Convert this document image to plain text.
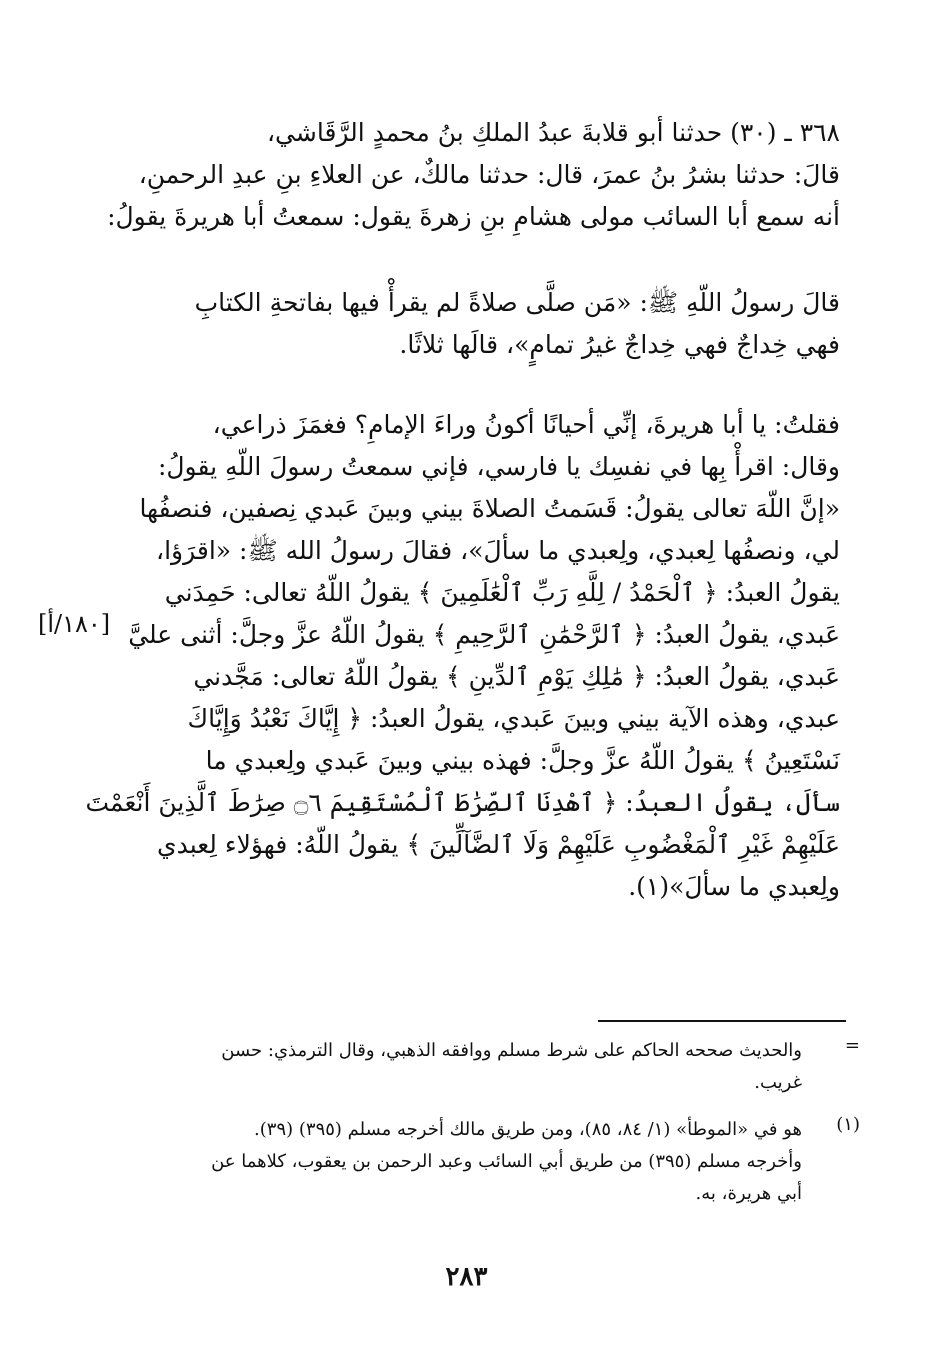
٣٦٨ ـ (٣٠) حدثنا أبو قلابةَ عبدُ الملكِ بنُ محمدٍ الرَّقَاشي،
قالَ: حدثنا بشرُ بنُ عمرَ، قال: حدثنا مالكٌ، عن العلاءِ بنِ عبدِ الرحمنِ،
أنه سمع أبا السائب مولى هشامِ بنِ زهرةَ يقول: سمعتُ أبا هريرةَ يقولُ:
قالَ رسولُ اللّهِ ﷺ: «مَن صلَّى صلاةً لم يقرأْ فيها بفاتحةِ الكتابِ
فهي خِداجٌ فهي خِداجٌ غيرُ تمامٍ»، قالَها ثلاثًا.
فقلتُ: يا أبا هريرةَ، إنِّي أحيانًا أكونُ وراءَ الإمامِ؟ فغمَزَ ذراعي،
وقال: اقرأْ بِها في نفسِك يا فارسي، فإني سمعتُ رسولَ اللّهِ يقولُ:
«إنَّ اللّهَ تعالى يقولُ: قَسَمتُ الصلاةَ بيني وبينَ عَبدي نِصفين، فنصفُها
لي، ونصفُها لِعبدي، ولِعبدي ما سألَ»، فقالَ رسولُ الله ﷺ: «اقرَؤا،
يقولُ العبدُ: ﴿ ٱلْحَمْدُ / لِلَّهِ رَبِّ ٱلْعَٰلَمِينَ ﴾ يقولُ اللّهُ تعالى: حَمِدَني
عَبدي، يقولُ العبدُ: ﴿ ٱلرَّحْمَٰنِ ٱلرَّحِيمِ ﴾ يقولُ اللّهُ عزَّ وجلَّ: أثنى عليَّ
عَبدي، يقولُ العبدُ: ﴿ مَٰلِكِ يَوْمِ ٱلدِّينِ ﴾ يقولُ اللّهُ تعالى: مَجَّدني
عبدي، وهذه الآية بيني وبينَ عَبدي، يقولُ العبدُ: ﴿ إِيَّاكَ نَعْبُدُ وَإِيَّاكَ
نَسْتَعِينُ ﴾ يقولُ اللّهُ عزَّ وجلَّ: فهذه بيني وبينَ عَبدي ولِعبدي ما
سألَ، يقولُ العبدُ: ﴿ ٱهْدِنَا ٱلصِّرَٰطَ ٱلْمُسْتَقِيمَ ۝٦ صِرَٰطَ ٱلَّذِينَ أَنْعَمْتَ
عَلَيْهِمْ غَيْرِ ٱلْمَغْضُوبِ عَلَيْهِمْ وَلَا ٱلضَّآلِّينَ ﴾ يقولُ اللّهُ: فهؤلاء لِعبدي
ولِعبدي ما سألَ»(١).
[١٨٠/أ]
=
والحديث صححه الحاكم على شرط مسلم ووافقه الذهبي، وقال الترمذي: حسن
غريب.
(١)
هو في «الموطأ» (١/ ٨٤، ٨٥)، ومن طريق مالك أخرجه مسلم (٣٩٥) (٣٩).
وأخرجه مسلم (٣٩٥) من طريق أبي السائب وعبد الرحمن بن يعقوب، كلاهما عن
أبي هريرة، به.
٢٨٣
